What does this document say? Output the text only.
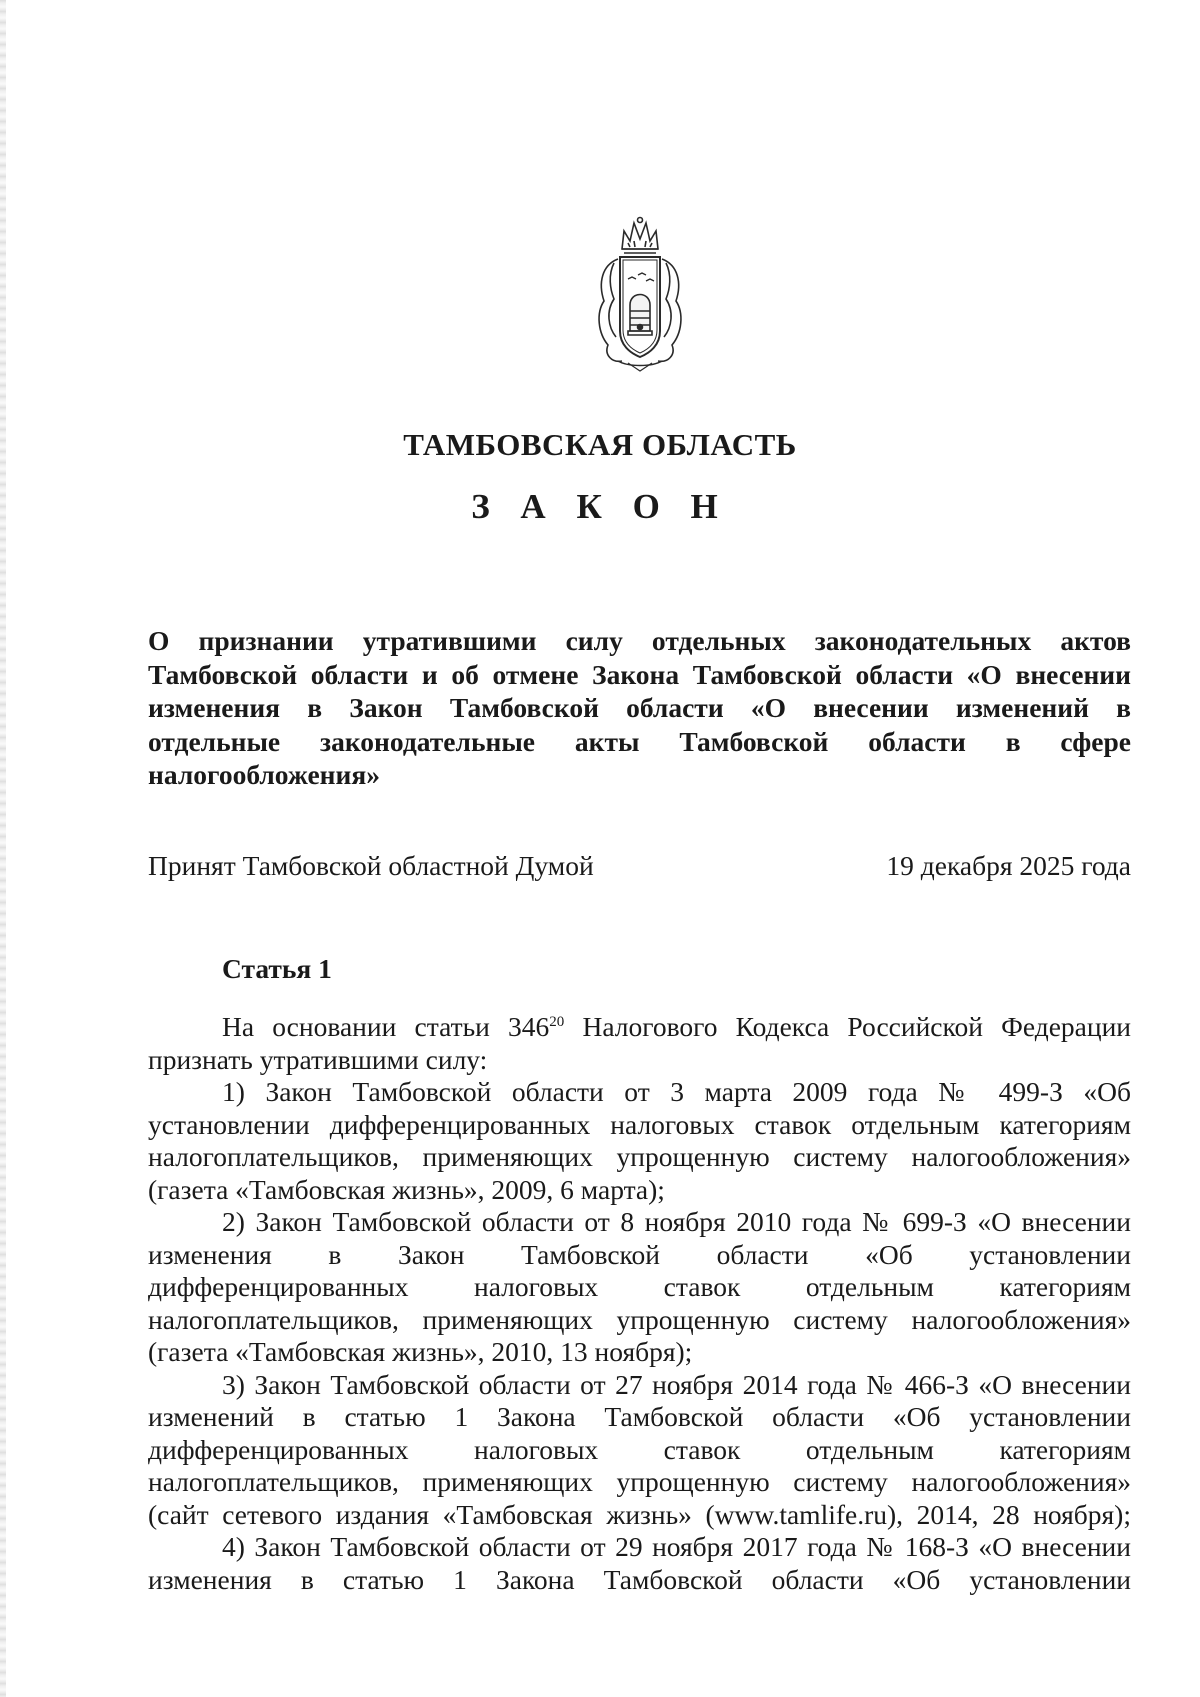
ТАМБОВСКАЯ ОБЛАСТЬ
З А К О Н
О признании утратившими силу отдельных законодательных актов
Тамбовской области и об отмене Закона Тамбовской области «О внесении
изменения в Закон Тамбовской области «О внесении изменений в
отдельные законодательные акты Тамбовской области в сфере
налогообложения»
Принят Тамбовской областной Думой	19 декабря 2025 года
Статья 1
На основании статьи $346^{20}$ Налогового Кодекса Российской Федерации
признать утратившими силу:
1) Закон Тамбовской области от 3 марта 2009 года № 499-З «Об
установлении дифференцированных налоговых ставок отдельным категориям
налогоплательщиков, применяющих упрощенную систему налогообложения»
(газета «Тамбовская жизнь», 2009, 6 марта);
2) Закон Тамбовской области от 8 ноября 2010 года № 699-З «О внесении
изменения в Закон Тамбовской области «Об установлении
дифференцированных налоговых ставок отдельным категориям
налогоплательщиков, применяющих упрощенную систему налогообложения»
(газета «Тамбовская жизнь», 2010, 13 ноября);
3) Закон Тамбовской области от 27 ноября 2014 года № 466-З «О внесении
изменений в статью 1 Закона Тамбовской области «Об установлении
дифференцированных налоговых ставок отдельным категориям
налогоплательщиков, применяющих упрощенную систему налогообложения»
(сайт сетевого издания «Тамбовская жизнь» (www.tamlife.ru), 2014, 28 ноября);
4) Закон Тамбовской области от 29 ноября 2017 года № 168-З «О внесении
изменения в статью 1 Закона Тамбовской области «Об установлении
